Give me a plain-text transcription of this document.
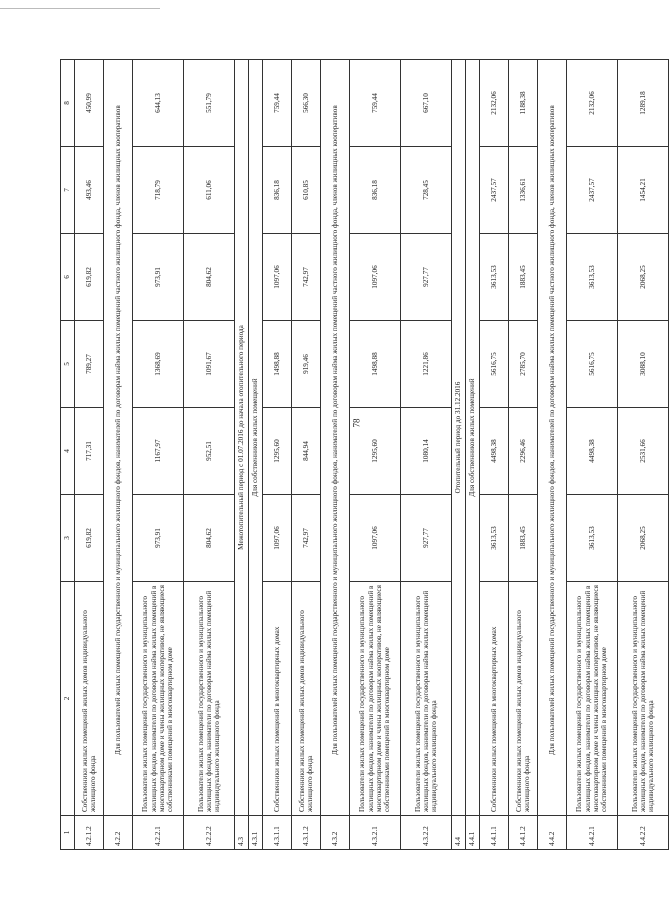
78
1	2	3	4	5	6	7	8
4.2.1.2	Собственники жилых помещений жилых домов индивидуального жилищного фонда	619,82	717,31	789,27	619,82	493,46	450,99
4.2.2	Для пользователей жилых помещений государственного и муниципального жилищного фондов, нанимателей по договорам найма жилых помещений частного жилищного фонда, членов жилищных кооперативов						
4.2.2.1	Пользователи жилых помещений государственного и муниципального жилищных фондов, наниматели по договорам найма жилых помещений в многоквартирном доме и члены жилищных кооперативов, не являющиеся собственниками помещений в многоквартирном доме	973,91	1167,97	1368,69	973,91	718,79	644,13
4.2.2.2	Пользователи жилых помещений государственного и муниципального жилищных фондов, наниматели по договорам найма жилых помещений индивидуального жилищного фонда	804,62	952,51	1091,67	804,62	611,06	551,79
4.3	Межотопительный период с 01.07.2016 до начала отопительного периода						
4.3.1	Для собственников жилых помещений						
4.3.1.1	Собственники жилых помещений в многоквартирных домах	1097,06	1295,60	1498,88	1097,06	836,18	759,44
4.3.1.2	Собственники жилых помещений жилых домов индивидуального жилищного фонда	742,97	844,94	919,46	742,97	610,85	566,30
4.3.2	Для пользователей жилых помещений государственного и муниципального жилищного фондов, нанимателей по договорам найма жилых помещений частного жилищного фонда, членов жилищных кооперативов						
4.3.2.1	Пользователи жилых помещений государственного и муниципального жилищных фондов, наниматели по договорам найма жилых помещений в многоквартирном доме и члены жилищных кооперативов, не являющиеся собственниками помещений в многоквартирном доме	1097,06	1295,60	1498,88	1097,06	836,18	759,44
4.3.2.2	Пользователи жилых помещений государственного и муниципального жилищных фондов, наниматели по договорам найма жилых помещений индивидуального жилищного фонда	927,77	1080,14	1221,86	927,77	728,45	667,10
4.4	Отопительный период до 31.12.2016						
4.4.1	Для собственников жилых помещений						
4.4.1.1	Собственники жилых помещений в многоквартирных домах	3613,53	4498,38	5616,75	3613,53	2437,57	2132,06
4.4.1.2	Собственники жилых помещений жилых домов индивидуального жилищного фонда	1883,45	2296,46	2785,70	1883,45	1336,61	1188,38
4.4.2	Для пользователей жилых помещений государственного и муниципального жилищного фондов, нанимателей по договорам найма жилых помещений частного жилищного фонда, членов жилищных кооперативов						
4.4.2.1	Пользователи жилых помещений государственного и муниципального жилищных фондов, наниматели по договорам найма жилых помещений в многоквартирном доме и члены жилищных кооперативов, не являющиеся собственниками помещений в многоквартирном доме	3613,53	4498,38	5616,75	3613,53	2437,57	2132,06
4.4.2.2	Пользователи жилых помещений государственного и муниципального жилищных фондов, наниматели по договорам найма жилых помещений индивидуального жилищного фонда	2068,25	2531,66	3088,10	2068,25	1454,21	1289,18
